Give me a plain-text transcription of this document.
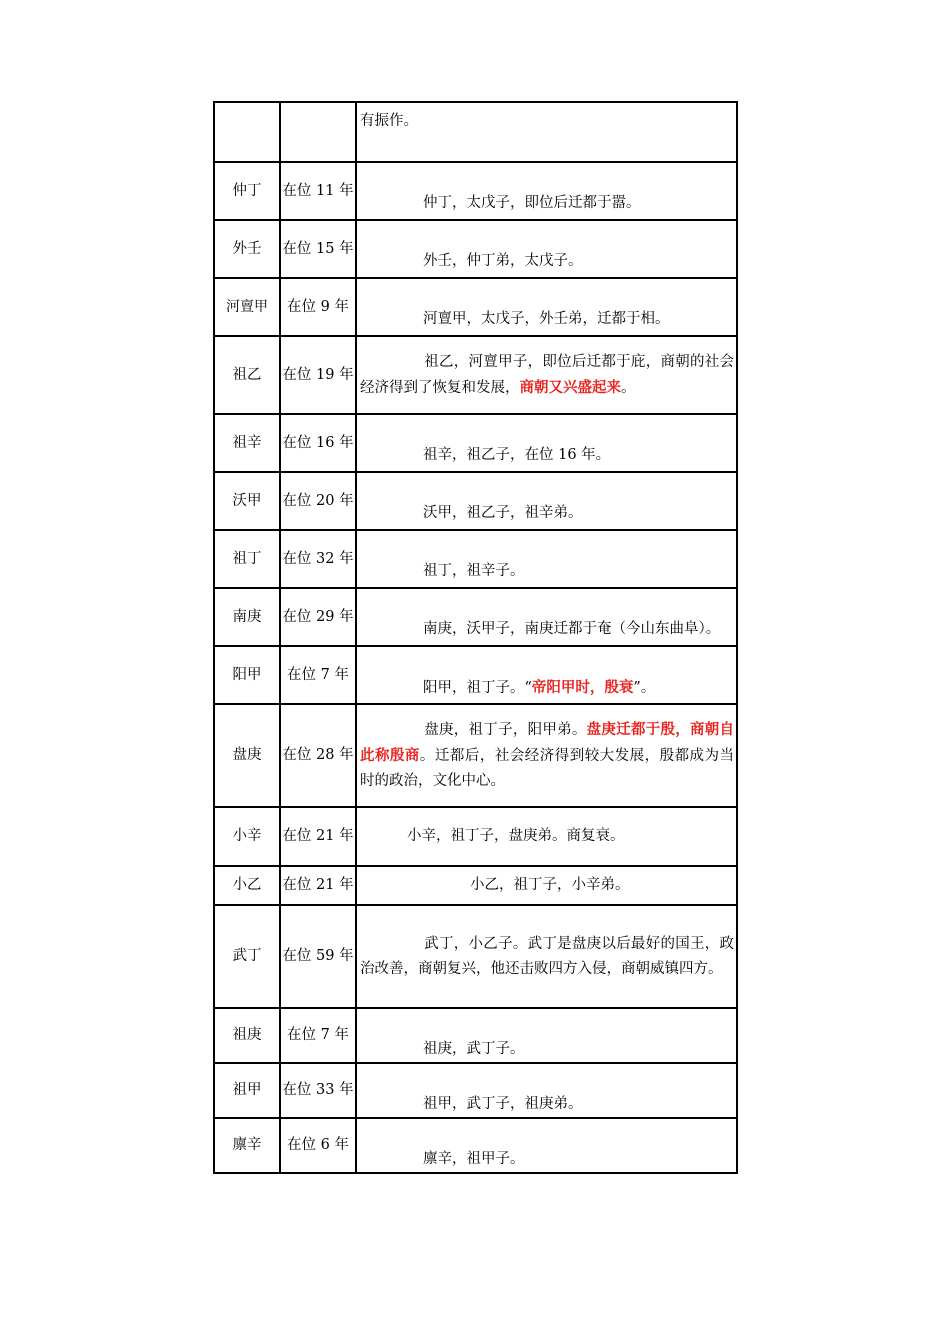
		有振作。

仲丁	在位 11 年	仲丁，太戊子，即位后迁都于嚣。

外壬	在位 15 年	外壬，仲丁弟，太戊子。

河亶甲	在位 9 年	河亶甲，太戊子，外壬弟，迁都于相。

祖乙	在位 19 年	祖乙，河亶甲子，即位后迁都于庇，商朝的社会经济得到了恢复和发展，商朝又兴盛起来。

祖辛	在位 16 年	祖辛，祖乙子，在位 16 年。

沃甲	在位 20 年	沃甲，祖乙子，祖辛弟。

祖丁	在位 32 年	祖丁，祖辛子。

南庚	在位 29 年	南庚，沃甲子，南庚迁都于奄（今山东曲阜）。

阳甲	在位 7 年	阳甲，祖丁子。“帝阳甲时，殷衰”。

盘庚	在位 28 年	盘庚，祖丁子，阳甲弟。盘庚迁都于殷，商朝自此称殷商。迁都后，社会经济得到较大发展，殷都成为当时的政治，文化中心。

小辛	在位 21 年	小辛，祖丁子，盘庚弟。商复衰。

小乙	在位 21 年	小乙，祖丁子，小辛弟。

武丁	在位 59 年	武丁，小乙子。武丁是盘庚以后最好的国王，政治改善，商朝复兴，他还击败四方入侵，商朝威镇四方。

祖庚	在位 7 年	祖庚，武丁子。

祖甲	在位 33 年	祖甲，武丁子，祖庚弟。

廪辛	在位 6 年	廪辛，祖甲子。
